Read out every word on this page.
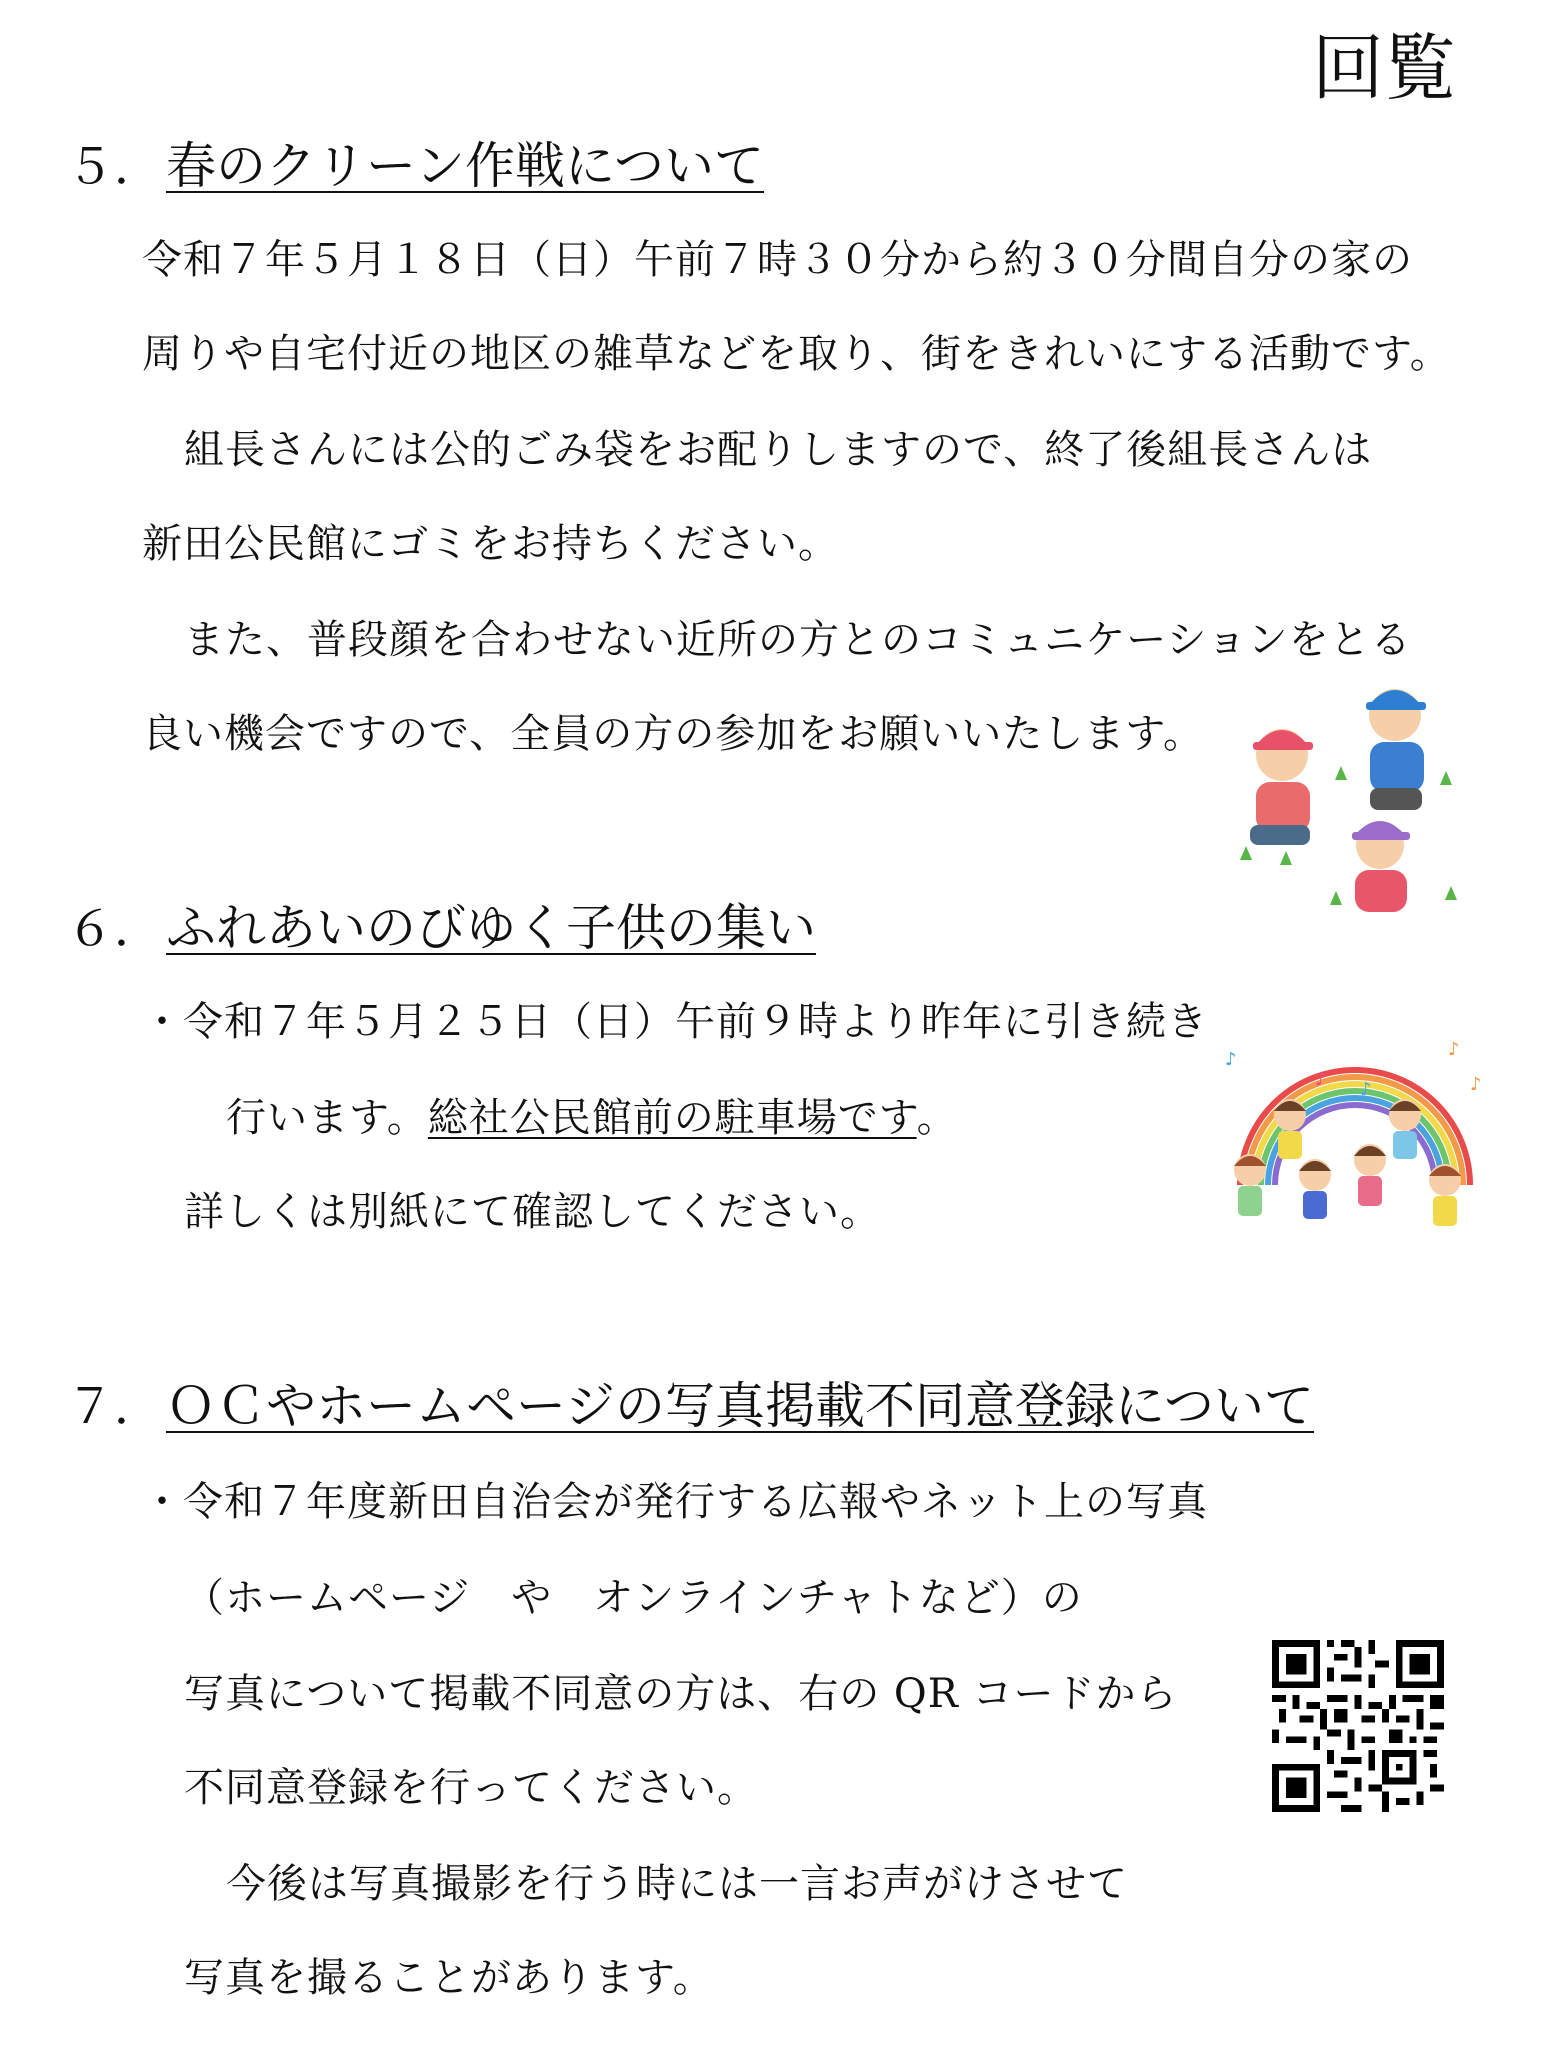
回覧
５． 春のクリーン作戦について
令和７年５月１８日（日）午前７時３０分から約３０分間自分の家の
周りや自宅付近の地区の雑草などを取り、街をきれいにする活動です。
組長さんには公的ごみ袋をお配りしますので、終了後組長さんは
新田公民館にゴミをお持ちください。
また、普段顔を合わせない近所の方とのコミュニケーションをとる
良い機会ですので、全員の方の参加をお願いいたします。
６． ふれあいのびゆく子供の集い
・令和７年５月２５日（日）午前９時より昨年に引き続き
行います。総社公民館前の駐車場です。
詳しくは別紙にて確認してください。
♪
♪ ♪
♪
♪
７． ＯＣやホームページの写真掲載不同意登録について
・令和７年度新田自治会が発行する広報やネット上の写真
（ホームページ　や　オンラインチャトなど）の
写真について掲載不同意の方は、右の QR コードから
不同意登録を行ってください。
今後は写真撮影を行う時には一言お声がけさせて
写真を撮ることがあります。
